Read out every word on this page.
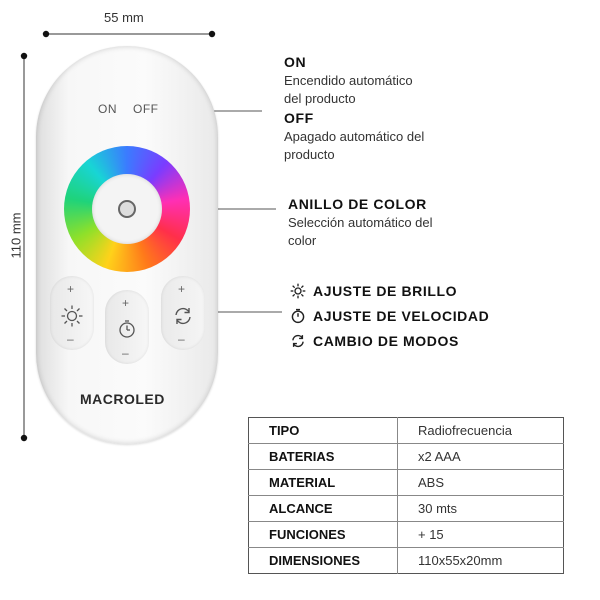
55 mm
110 mm
ON OFF
+
–
+
–
+
–
MACROLED
ON
Encendido automático
del producto
OFF
Apagado automático del
producto
ANILLO DE COLOR
Selección automático del
color
AJUSTE DE BRILLO
AJUSTE DE VELOCIDAD
CAMBIO DE MODOS
TIPO	Radiofrecuencia
BATERIAS	x2 AAA
MATERIAL	ABS
ALCANCE	30 mts
FUNCIONES	+ 15
DIMENSIONES	110x55x20mm
